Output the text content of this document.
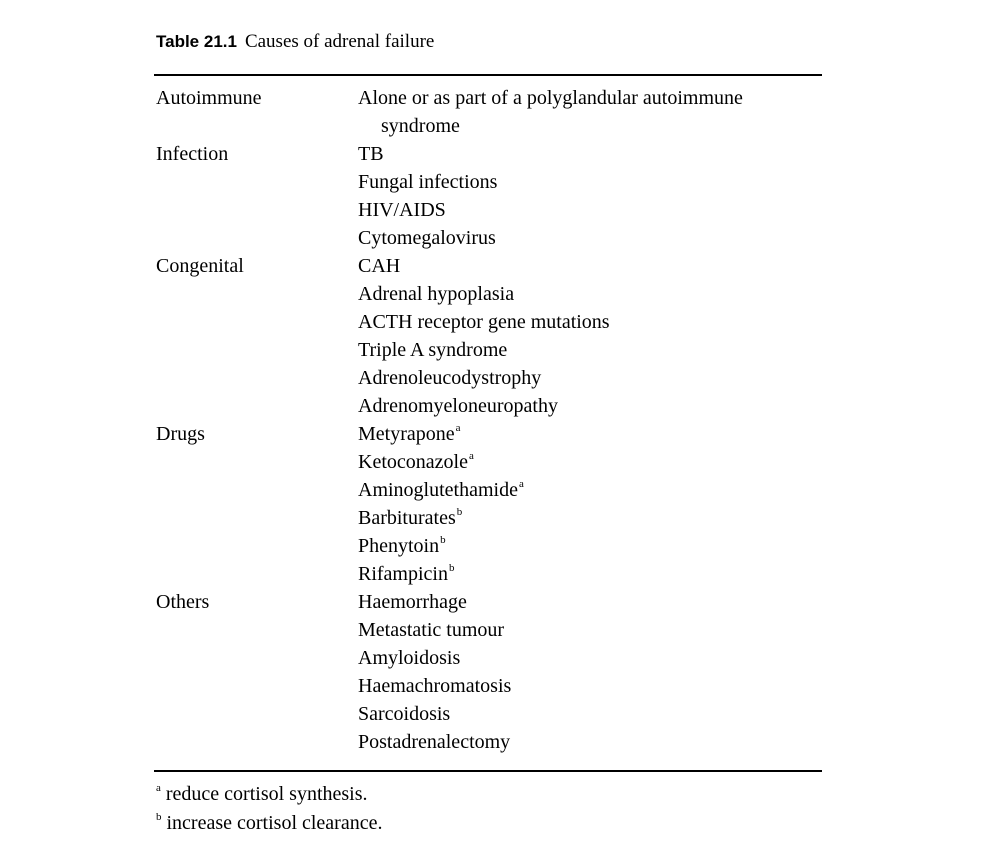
Table 21.1 Causes of adrenal failure
Autoimmune	Alone or as part of a polyglandular autoimmune
syndrome
Infection	TB
Fungal infections
HIV/AIDS
Cytomegalovirus
Congenital	CAH
Adrenal hypoplasia
ACTH receptor gene mutations
Triple A syndrome
Adrenoleucodystrophy
Adrenomyeloneuropathy
Drugs	Metyrapone$^a$
Ketoconazole$^a$
Aminoglutethamide$^a$
Barbiturates$^b$
Phenytoin$^b$
Rifampicin$^b$
Others	Haemorrhage
Metastatic tumour
Amyloidosis
Haemachromatosis
Sarcoidosis
Postadrenalectomy
$^a$ reduce cortisol synthesis.
$^b$ increase cortisol clearance.
